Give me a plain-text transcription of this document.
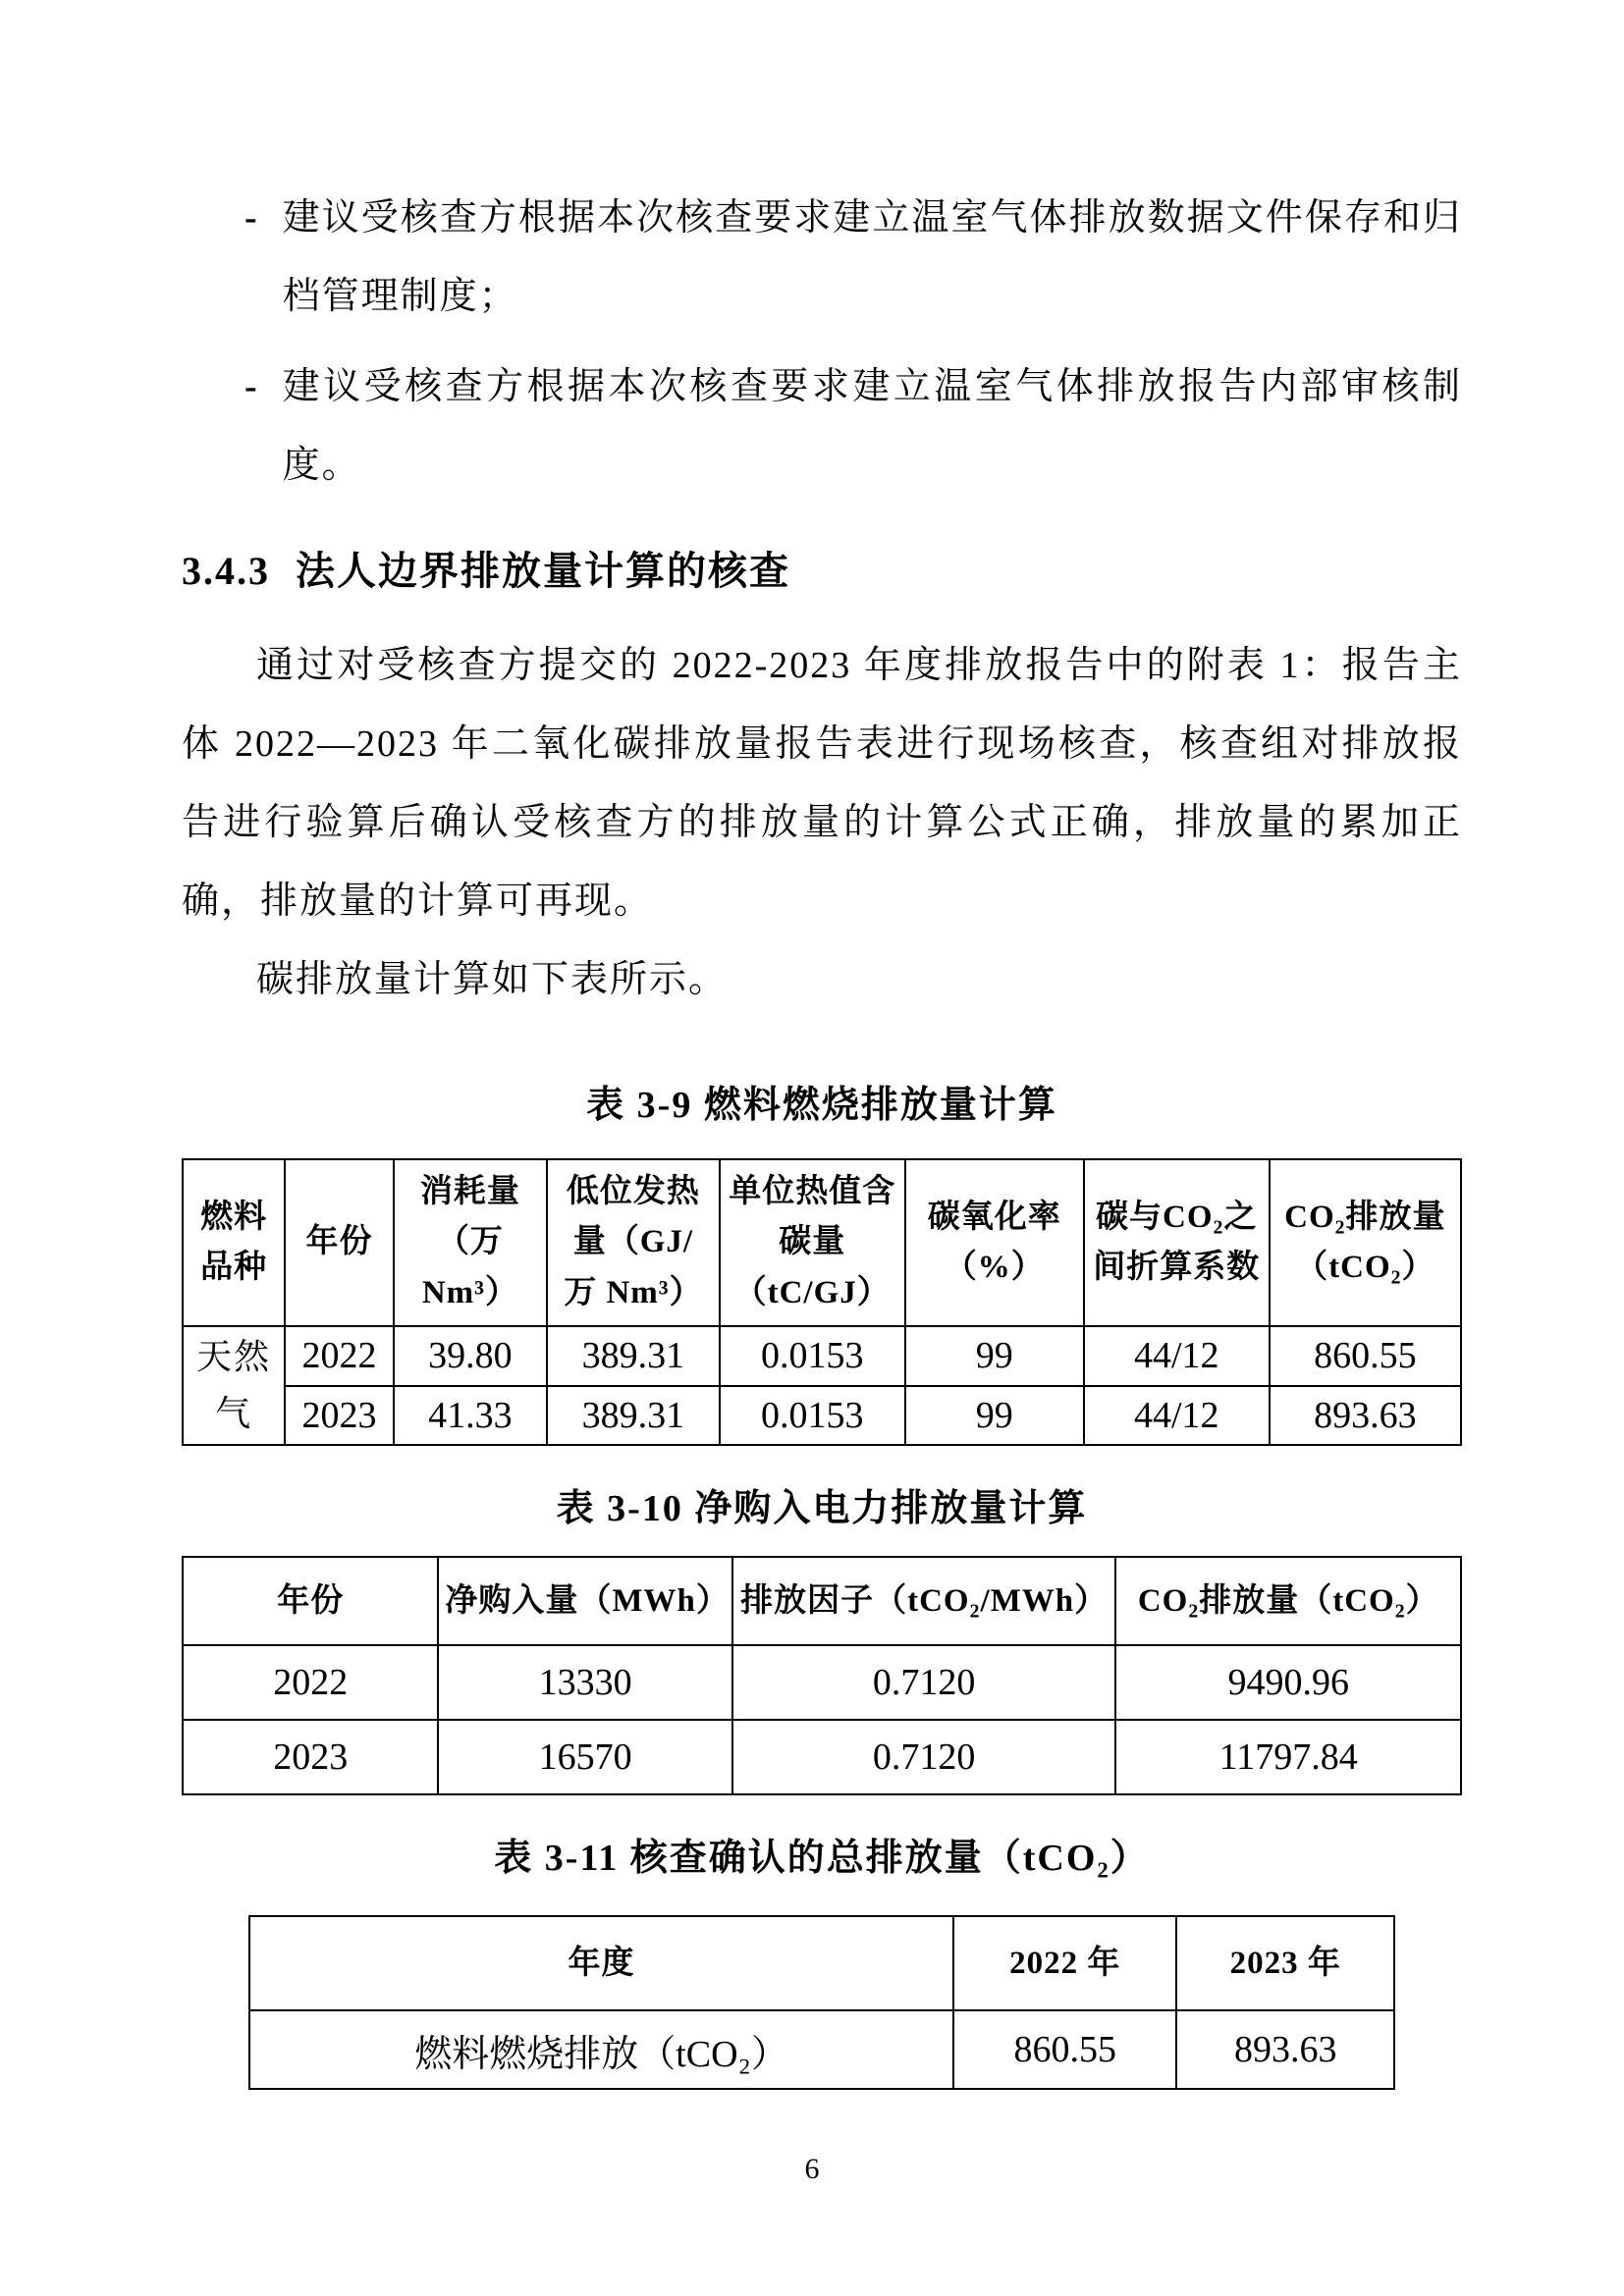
- 建议受核查方根据本次核查要求建立温室气体排放数据文件保存和归档管理制度；
- 建议受核查方根据本次核查要求建立温室气体排放报告内部审核制度。
3.4.3 法人边界排放量计算的核查

通过对受核查方提交的 2022-2023 年度排放报告中的附表 1：报告主体 2022—2023 年二氧化碳排放量报告表进行现场核查，核查组对排放报告进行验算后确认受核查方的排放量的计算公式正确，排放量的累加正确，排放量的计算可再现。

碳排放量计算如下表所示。

表 3-9 燃料燃烧排放量计算

燃料品种	年份	消耗量（万 Nm³）	低位发热量（GJ/ 万 Nm³）	单位热值含碳量（tC/GJ）	碳氧化率（%）	碳与CO₂之间折算系数	CO₂排放量（tCO₂）
天然气	2022	39.80	389.31	0.0153	99	44/12	860.55
	2023	41.33	389.31	0.0153	99	44/12	893.63

表 3-10 净购入电力排放量计算

年份	净购入量（MWh）	排放因子（tCO₂/MWh）	CO₂排放量（tCO₂）
2022	13330	0.7120	9490.96
2023	16570	0.7120	11797.84

表 3-11 核查确认的总排放量（tCO₂）

年度	2022 年	2023 年
燃料燃烧排放（tCO₂）	860.55	893.63
6
